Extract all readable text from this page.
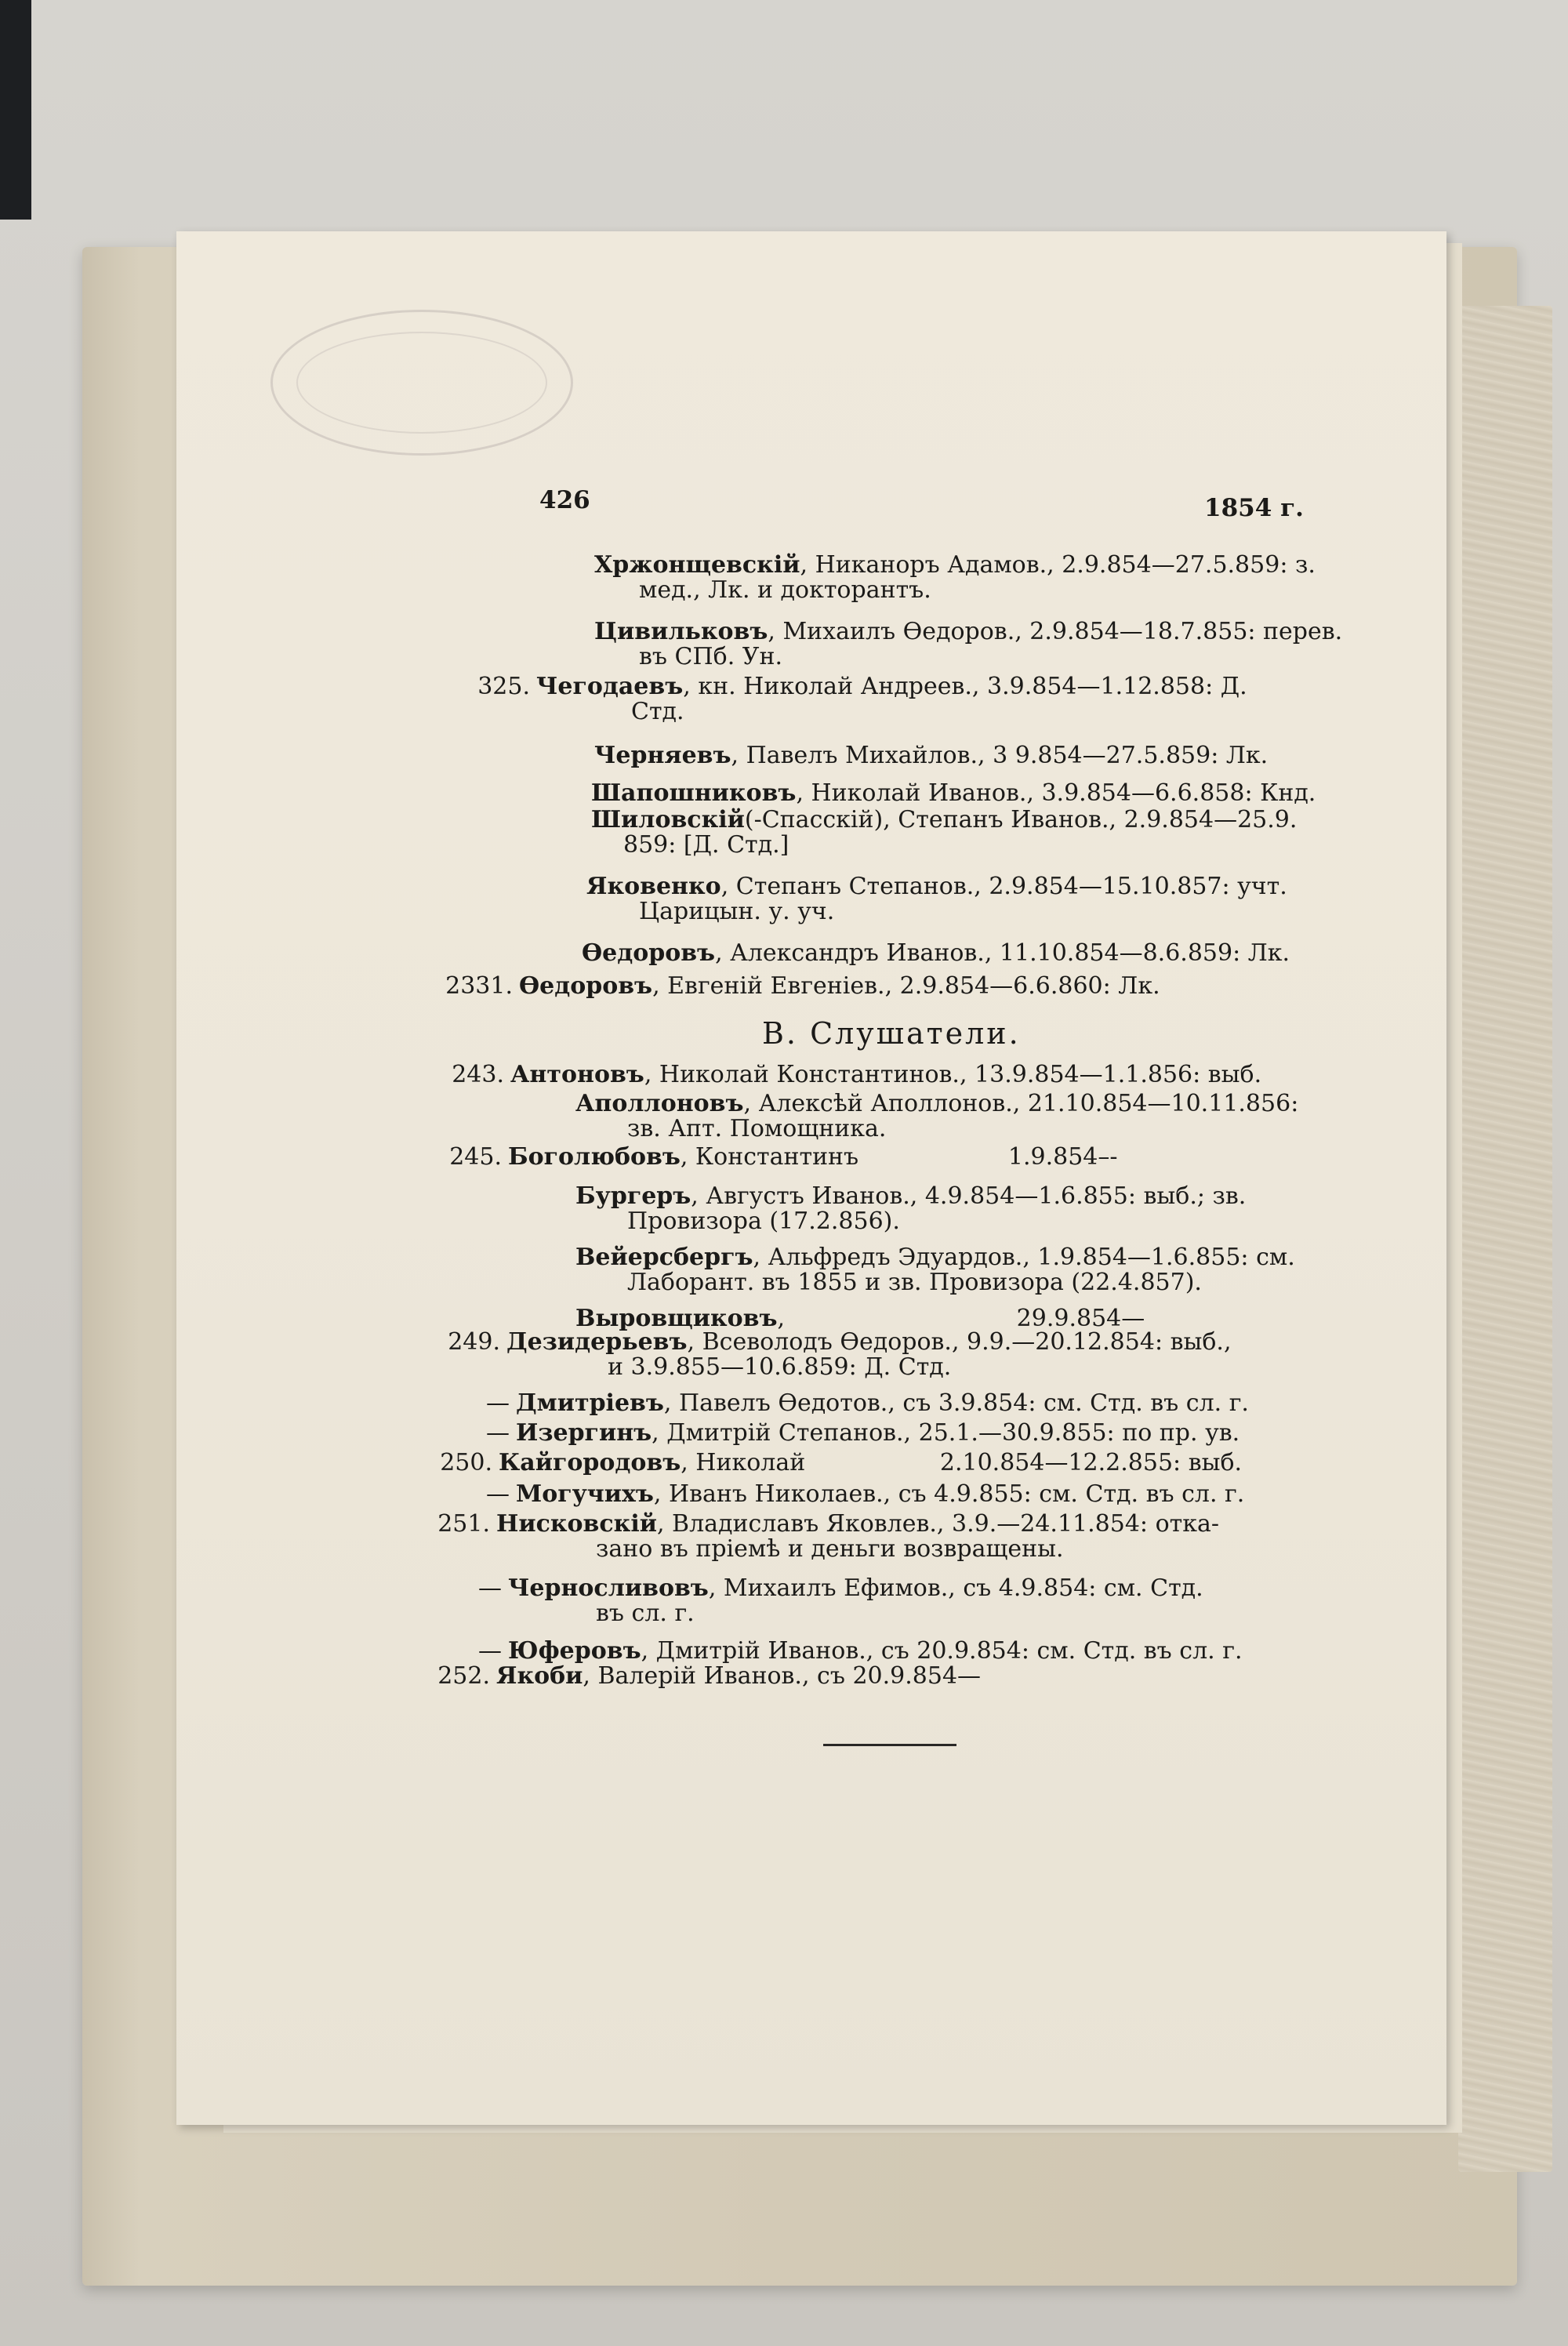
426	1854 г.
Хржонщевскій, Никаноръ Адамов., 2.9.854—27.5.859: з.
мед., Лк. и докторантъ.
Цивильковъ, Михаилъ Ѳедоров., 2.9.854—18.7.855: перев.
въ СПб. Ун.
325. Чегодаевъ, кн. Николай Андреев., 3.9.854—1.12.858: Д.
Стд.
Черняевъ, Павелъ Михайлов., 3 9.854—27.5.859: Лк.
Шапошниковъ, Николай Иванов., 3.9.854—6.6.858: Кнд.
Шиловскій(-Спасскій), Степанъ Иванов., 2.9.854—25.9.
859: [Д. Стд.]
Яковенко, Степанъ Степанов., 2.9.854—15.10.857: учт.
Царицын. у. уч.
Ѳедоровъ, Александръ Иванов., 11.10.854—8.6.859: Лк.
2331. Ѳедоровъ, Евгеній Евгеніев., 2.9.854—6.6.860: Лк.
В. Слушатели.
243. Антоновъ, Николай Константинов., 13.9.854—1.1.856: выб.
Аполлоновъ, Алексѣй Аполлонов., 21.10.854—10.11.856:
зв. Апт. Помощника.
245. Боголюбовъ, Константинъ                    1.9.854–-
Бургеръ, Августъ Иванов., 4.9.854—1.6.855: выб.; зв.
Провизора (17.2.856).
Вейерсбергъ, Альфредъ Эдуардов., 1.9.854—1.6.855: см.
Лаборант. въ 1855 и зв. Провизора (22.4.857).
Выровщиковъ,                               29.9.854—
249. Дезидерьевъ, Всеволодъ Ѳедоров., 9.9.—20.12.854: выб.,
и 3.9.855—10.6.859: Д. Стд.
— Дмитріевъ, Павелъ Ѳедотов., съ 3.9.854: см. Стд. въ сл. г.
— Изергинъ, Дмитрій Степанов., 25.1.—30.9.855: по пр. ув.
250. Кайгородовъ, Николай                  2.10.854—12.2.855: выб.
— Могучихъ, Иванъ Николаев., съ 4.9.855: см. Стд. въ сл. г.
251. Нисковскій, Владиславъ Яковлев., 3.9.—24.11.854: отка-
зано въ пріемѣ и деньги возвращены.
— Черносливовъ, Михаилъ Ефимов., съ 4.9.854: см. Стд.
въ сл. г.
— Юферовъ, Дмитрій Иванов., съ 20.9.854: см. Стд. въ сл. г.
252. Якоби, Валерій Иванов., съ 20.9.854—
